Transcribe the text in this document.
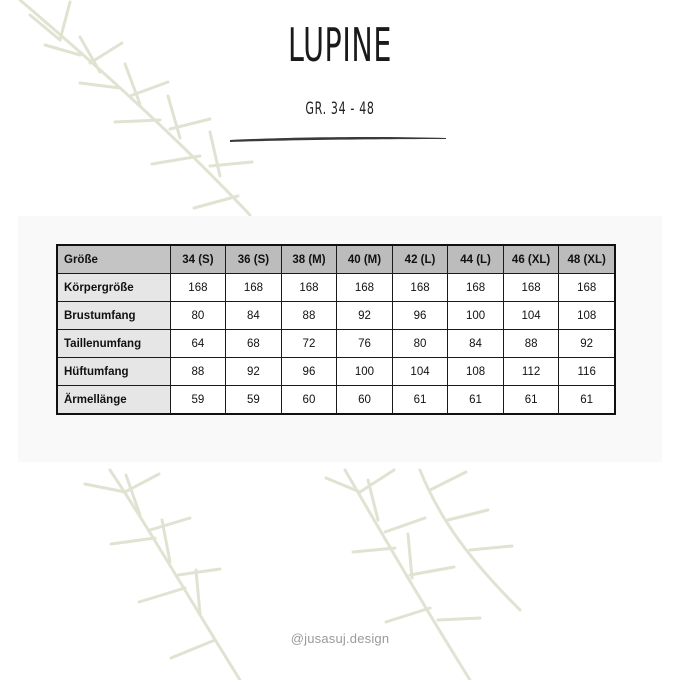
LUPINE
GR. 34 - 48
Größe	34 (S)	36 (S)	38 (M)	40 (M)	42 (L)	44 (L)	46 (XL)	48 (XL)
Körpergröße	168	168	168	168	168	168	168	168
Brustumfang	80	84	88	92	96	100	104	108
Taillenumfang	64	68	72	76	80	84	88	92
Hüftumfang	88	92	96	100	104	108	112	116
Ärmellänge	59	59	60	60	61	61	61	61
@jusasuj.design
